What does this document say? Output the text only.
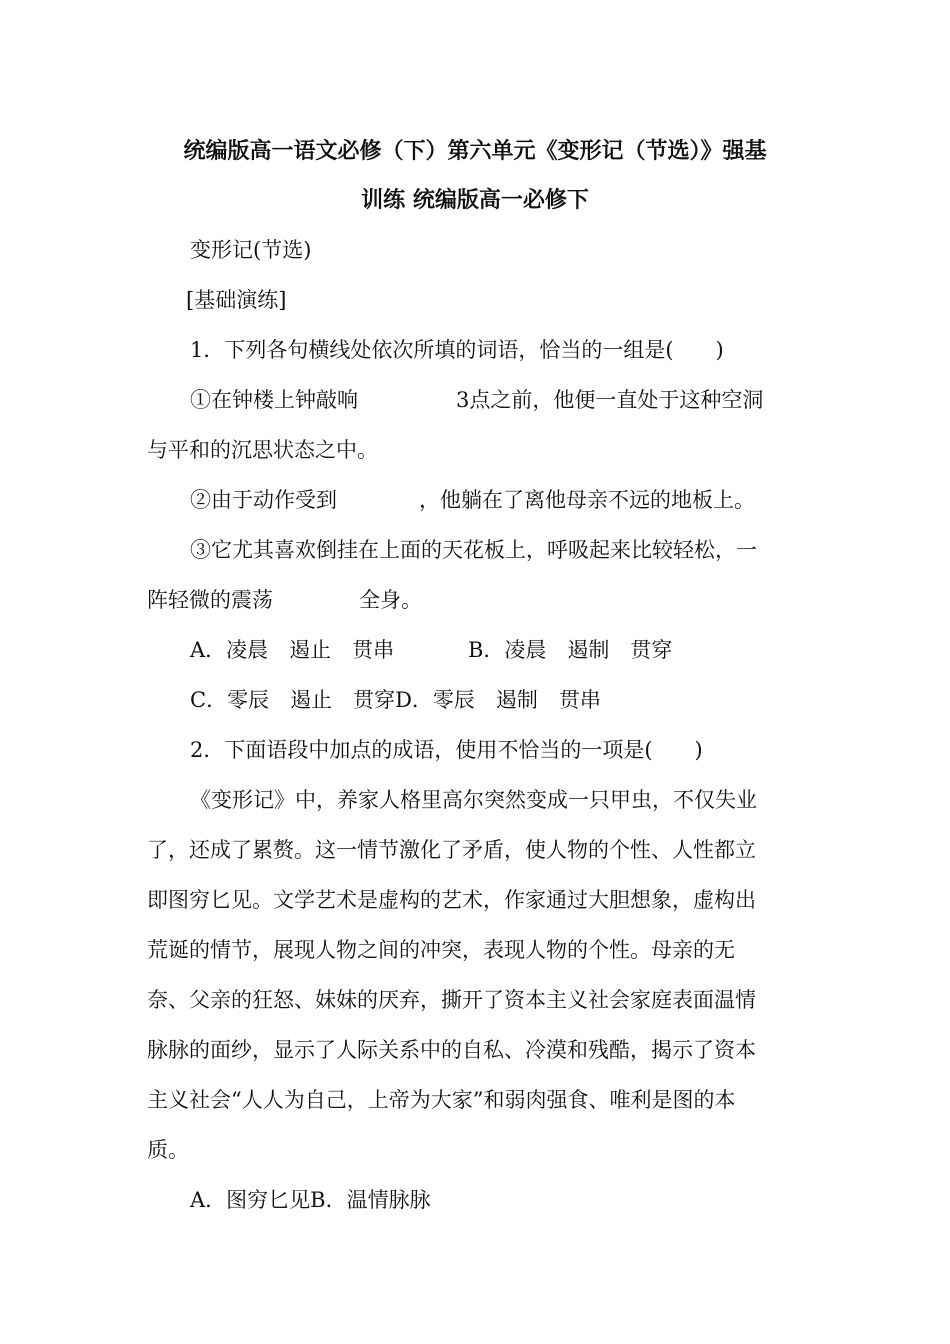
统编版高一语文必修（下）第六单元《变形记（节选）》强基
训练 统编版高一必修下
变形记(节选)
[基础演练]
1．下列各句横线处依次所填的词语，恰当的一组是(　　)
①在钟楼上钟敲响	3点之前，他便一直处于这种空洞
与平和的沉思状态之中。
②由于动作受到	，他躺在了离他母亲不远的地板上。
③它尤其喜欢倒挂在上面的天花板上，呼吸起来比较轻松，一
阵轻微的震荡	全身。
A．凌晨　遏止　贯串	B．凌晨　遏制　贯穿
C．零辰　遏止　贯穿D．零辰　遏制　贯串
2．下面语段中加点的成语，使用不恰当的一项是(　　)
《变形记》中，养家人格里高尔突然变成一只甲虫，不仅失业
了，还成了累赘。这一情节激化了矛盾，使人物的个性、人性都立
即图穷匕见。文学艺术是虚构的艺术，作家通过大胆想象，虚构出
荒诞的情节，展现人物之间的冲突，表现人物的个性。母亲的无
奈、父亲的狂怒、妹妹的厌弃，撕开了资本主义社会家庭表面温情
脉脉的面纱，显示了人际关系中的自私、冷漠和残酷，揭示了资本
主义社会“人人为自己，上帝为大家”和弱肉强食、唯利是图的本
质。
A．图穷匕见B．温情脉脉
